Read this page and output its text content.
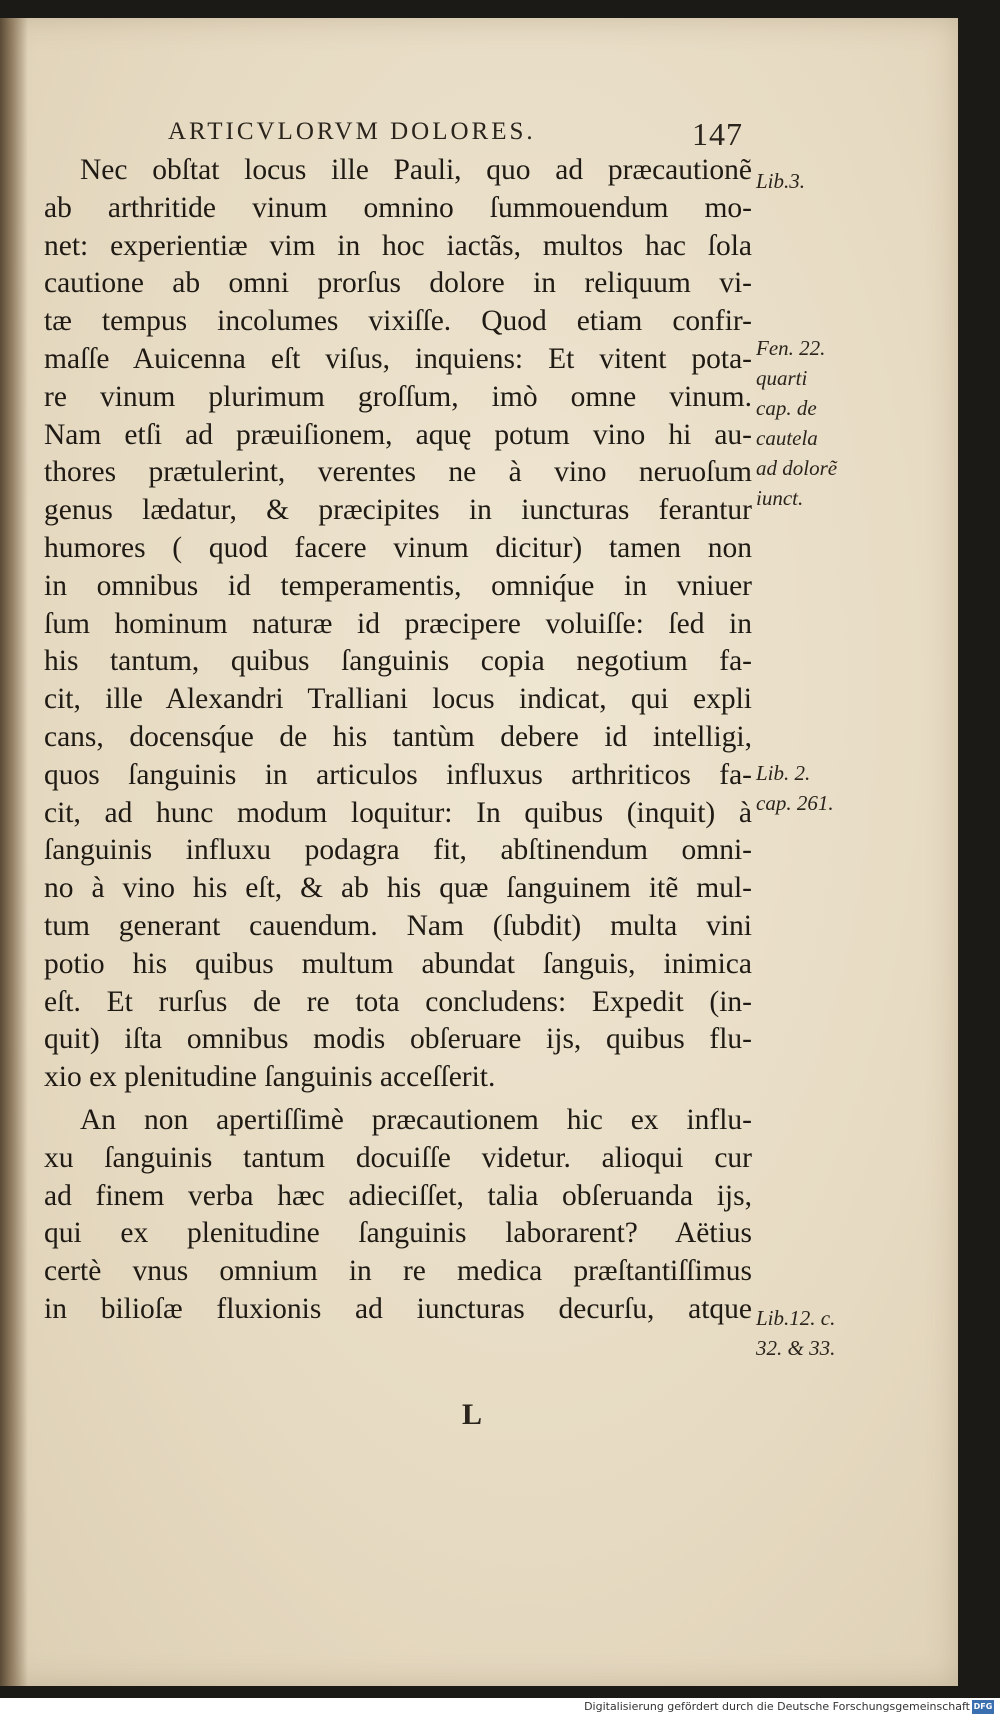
ARTICVLORVM DOLORES.	147
Nec obſtat locus ille Pauli, quo ad præcautionẽ
ab arthritide vinum omnino ſummouendum mo-
net: experientiæ vim in hoc iactãs, multos hac ſola
cautione ab omni prorſus dolore in reliquum vi-
tæ tempus incolumes vixiſſe. Quod etiam confir-
maſſe Auicenna eſt viſus, inquiens: Et vitent pota-
re vinum plurimum groſſum, imò omne vinum.
Nam etſi ad præuiſionem, aquę potum vino hi au-
thores prætulerint, verentes ne à vino neruoſum
genus lædatur, & præcipites in iuncturas ferantur
humores ( quod facere vinum dicitur) tamen non
in omnibus id temperamentis, omniq́ue in vniuer
ſum hominum naturæ id præcipere voluiſſe: ſed in
his tantum, quibus ſanguinis copia negotium fa-
cit, ille Alexandri Tralliani locus indicat, qui expli
cans, docensq́ue de his tantùm debere id intelligi,
quos ſanguinis in articulos influxus arthriticos fa-
cit, ad hunc modum loquitur: In quibus (inquit) à
ſanguinis influxu podagra fit, abſtinendum omni-
no à vino his eſt, & ab his quæ ſanguinem itẽ mul-
tum generant cauendum. Nam (ſubdit) multa vini
potio his quibus multum abundat ſanguis, inimica
eſt. Et rurſus de re tota concludens: Expedit (in-
quit) iſta omnibus modis obſeruare ijs, quibus flu-
xio ex plenitudine ſanguinis acceſſerit.
An non apertiſſimè præcautionem hic ex influ-
xu ſanguinis tantum docuiſſe videtur. alioqui cur
ad finem verba hæc adieciſſet, talia obſeruanda ijs,
qui ex plenitudine ſanguinis laborarent? Aëtius
certè vnus omnium in re medica præſtantiſſimus
in bilioſæ fluxionis ad iuncturas decurſu, atque
Lib.3.
Fen. 22.
quarti
cap. de
cautela
ad dolorẽ
iunct.
Lib. 2.
cap. 261.
Lib.12. c.
32. & 33.
L
Digitalisierung gefördert durch die Deutsche Forschungsgemeinschaft DFG
